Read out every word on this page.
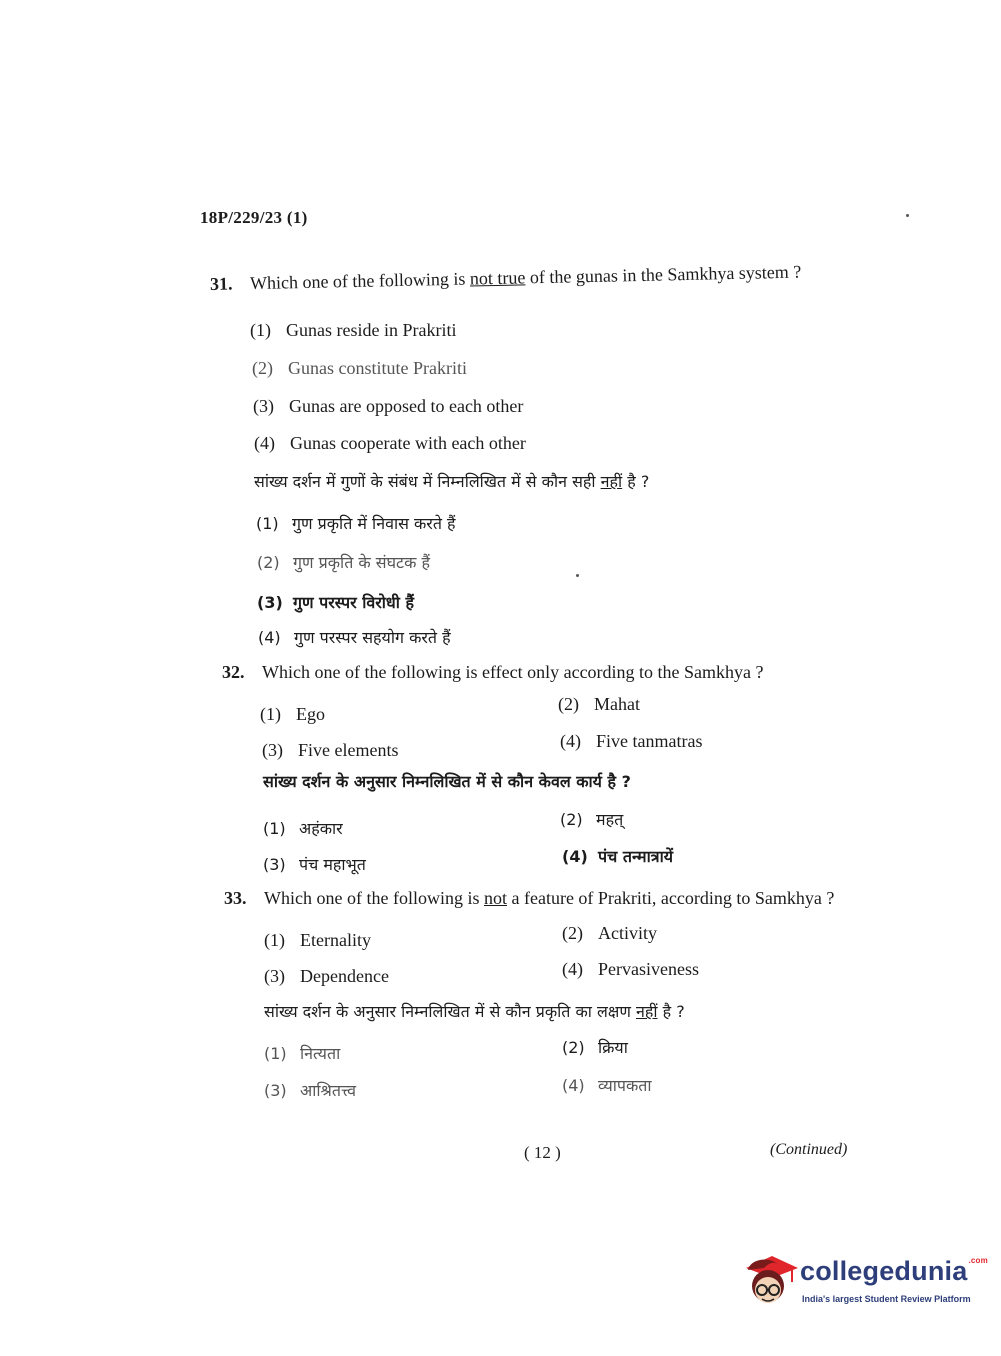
18P/229/23 (1)
31. Which one of the following is not true of the gunas in the Samkhya system ?
(1) Gunas reside in Prakriti
(2) Gunas constitute Prakriti
(3) Gunas are opposed to each other
(4) Gunas cooperate with each other
सांख्य दर्शन में गुणों के संबंध में निम्नलिखित में से कौन सही नहीं है ?
(1) गुण प्रकृति में निवास करते हैं
(2) गुण प्रकृति के संघटक हैं
(3) गुण परस्पर विरोधी हैं
(4) गुण परस्पर सहयोग करते हैं
32. Which one of the following is effect only according to the Samkhya ?
(1) Ego	(2) Mahat
(3) Five elements	(4) Five tanmatras
सांख्य दर्शन के अनुसार निम्नलिखित में से कौन केवल कार्य है ?
(1) अहंकार	(2) महत्
(3) पंच महाभूत	(4) पंच तन्मात्रायें
33. Which one of the following is not a feature of Prakriti, according to Samkhya ?
(1) Eternality	(2) Activity
(3) Dependence	(4) Pervasiveness
सांख्य दर्शन के अनुसार निम्नलिखित में से कौन प्रकृति का लक्षण नहीं है ?
(1) नित्यता	(2) क्रिया
(3) आश्रितत्त्व	(4) व्यापकता
( 12 )	(Continued)
collegedunia$^{.com}$
India's largest Student Review Platform
